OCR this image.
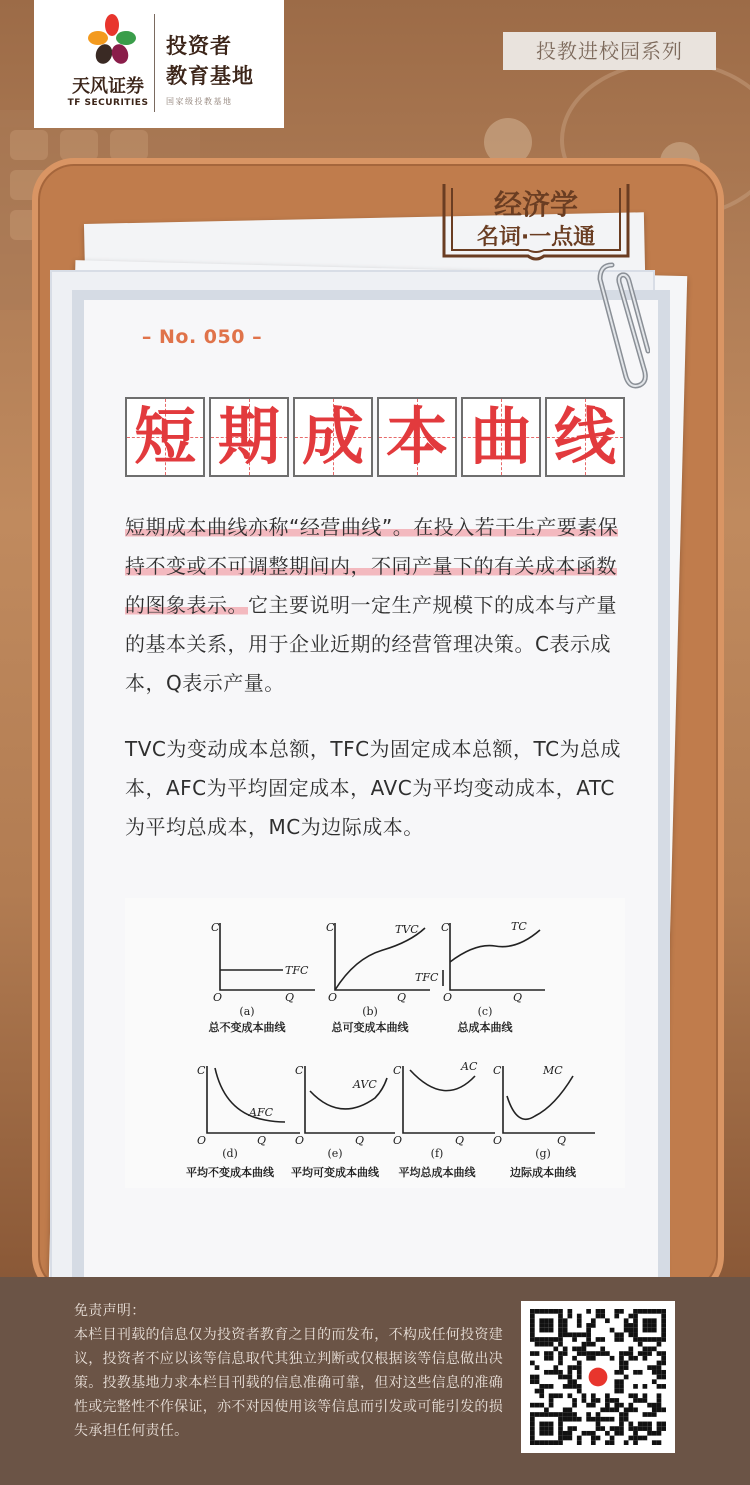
天风证券
TF SECURITIES
投资者
教育基地
国家级投教基地
投教进校园系列
经济学
名词·一点通
– No. 050 –
短 期 成 本 曲 线
短期成本曲线亦称“经营曲线”。在投入若干生产要素保持不变或不可调整期间内，不同产量下的有关成本函数的图象表示。它主要说明一定生产规模下的成本与产量的基本关系，用于企业近期的经营管理决策。C表示成本，Q表示产量。
TVC为变动成本总额，TFC为固定成本总额，TC为总成本，AFC为平均固定成本，AVC为平均变动成本，ATC为平均总成本，MC为边际成本。
C
O	Q
TFC
C
O	Q
TVC C
O	Q
TC
TFC
C
O	Q
AFC
C
O	Q
AVC
C
O	Q
AC C
O	Q
MC
(a)
总不变成本曲线
(b)
总可变成本曲线
(c)
总成本曲线
(d)
平均不变成本曲线
(e)
平均可变成本曲线
(f)
平均总成本曲线
(g)
边际成本曲线
免责声明：
本栏目刊载的信息仅为投资者教育之目的而发布，不构成任何投资建议，投资者不应以该等信息取代其独立判断或仅根据该等信息做出决策。投教基地力求本栏目刊载的信息准确可靠，但对这些信息的准确性或完整性不作保证，亦不对因使用该等信息而引发或可能引发的损失承担任何责任。
